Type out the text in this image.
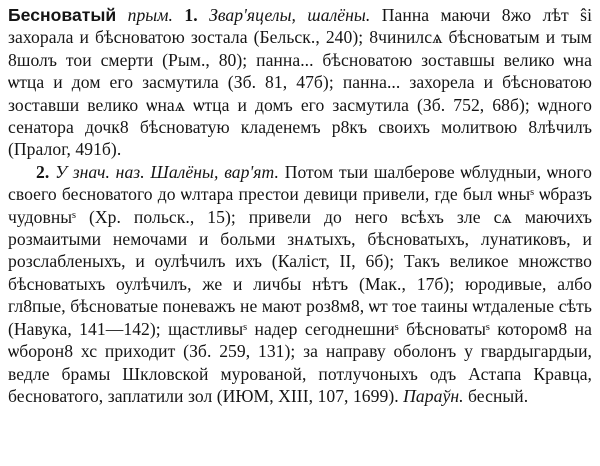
Бесноватый прым. 1. Звар'яцелы, шалёны. Панна маючи 8жо лѣт ŝi захорала и бѣсноватою зостала (Бельск., 240); 8чинилсѧ бѣсноватым и тым 8шолъ тои смерти (Рым., 80); панна... бѣсноватою зоставшы велико ѡна ѡтца и дом его засмутила (Зб. 81, 47б); панна... захорела и бѣсноватою зоставши велико ѡнаѧ ѡтца и домъ его засмутила (Зб. 752, 68б); ѡдного сенатора дочк8 бѣсноватую кладенемъ р8къ своихъ молитвою 8лѣчилъ (Пралог, 491б).

2. У знач. наз. Шалёны, вар'ят. Потом тыи шалберове ѡблудныи, ѡного своего бесноватого до ѡлтара престои девици привели, где был ѡныˢ ѡбразъ чудовныˢ (Хр. польск., 15); привели до него всѣхъ зле сѧ маючихъ розмаитыми немочами и больми знѧтыхъ, бѣсноватыхъ, лунатиковъ, и розслабленыхъ, и оулѣчилъ ихъ (Каліст, II, 6б); Такъ великое множство бѣсноватыхъ оулѣчилъ, же и личбы нѣтъ (Мак., 17б); юродивые, албо гл8пые, бѣсноватые поневажъ не мают роз8м8, ѡт тое таины ѡтдаленые сѣть (Навука, 141—142); щастливыˢ надер сегоднешниˢ бѣсноватыˢ котором8 на ѡборон8 хс приходит (Зб. 259, 131); за направу оболонъ у гвардыгардыи, ведле брамы Шкловской мурованой, потлучоныхъ одъ Астапа Кравца, бесноватого, заплатили зол (ИЮМ, XIII, 107, 1699). Параўн. бесный.
